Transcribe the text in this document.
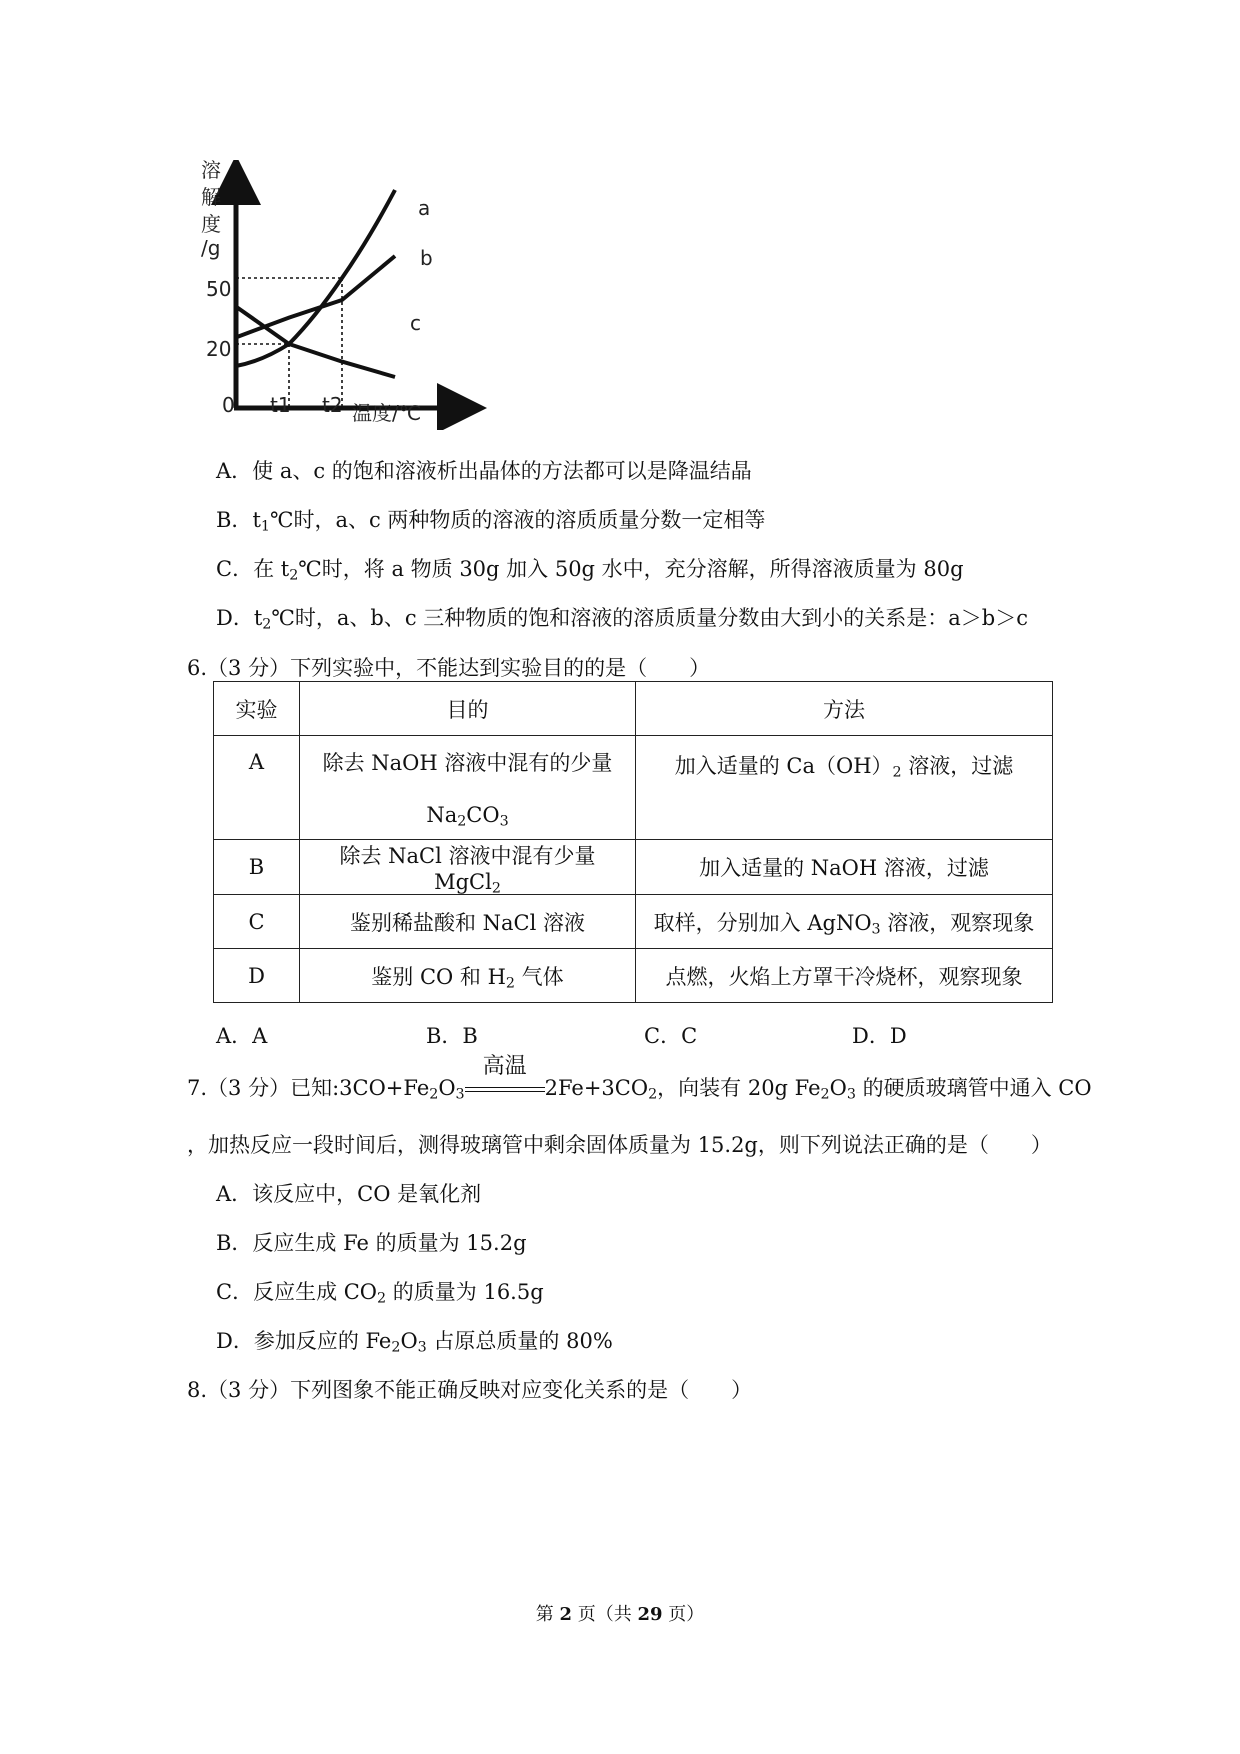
溶
解
度
/g
50
20
0 t1 t2 温度/℃
a
b
c
A．使 a、c 的饱和溶液析出晶体的方法都可以是降温结晶
B．$t_1℃$时，a、c 两种物质的溶液的溶质质量分数一定相等
C．在 $t_2℃$时，将 a 物质 30g 加入 50g 水中，充分溶解，所得溶液质量为 80g
D．$t_2℃$时，a、b、c 三种物质的饱和溶液的溶质质量分数由大到小的关系是：a＞b＞c
6.（3 分）下列实验中，不能达到实验目的的是（　　）
实验	目的	方法
A	除去 NaOH 溶液中混有的少量
$Na_2CO_3$	加入适量的 $Ca(OH)_2$ 溶液，过滤
B	除去 NaCl 溶液中混有少量 MgCl$_2$	加入适量的 NaOH 溶液，过滤
C	鉴别稀盐酸和 NaCl 溶液	取样，分别加入 AgNO$_3$ 溶液，观察现象
D	鉴别 CO 和 $H_2$ 气体	点燃，火焰上方罩干冷烧杯，观察现象
A．A	B．B	C．C	D．D
7.（3 分）已知$:3CO+Fe_2O_3$
高温
$2Fe+3CO_2$，向装有 20g $Fe_2O_3$ 的硬质玻璃管中通入 CO
，加热反应一段时间后，测得玻璃管中剩余固体质量为 15.2g，则下列说法正确的是（　　）
A．该反应中，CO 是氧化剂
B．反应生成 Fe 的质量为 15.2g
C．反应生成 $CO_2$ 的质量为 16.5g
D．参加反应的 $Fe_2O_3$ 占原总质量的 80%
8.（3 分）下列图象不能正确反映对应变化关系的是（　　）
第 2 页（共 29 页）
